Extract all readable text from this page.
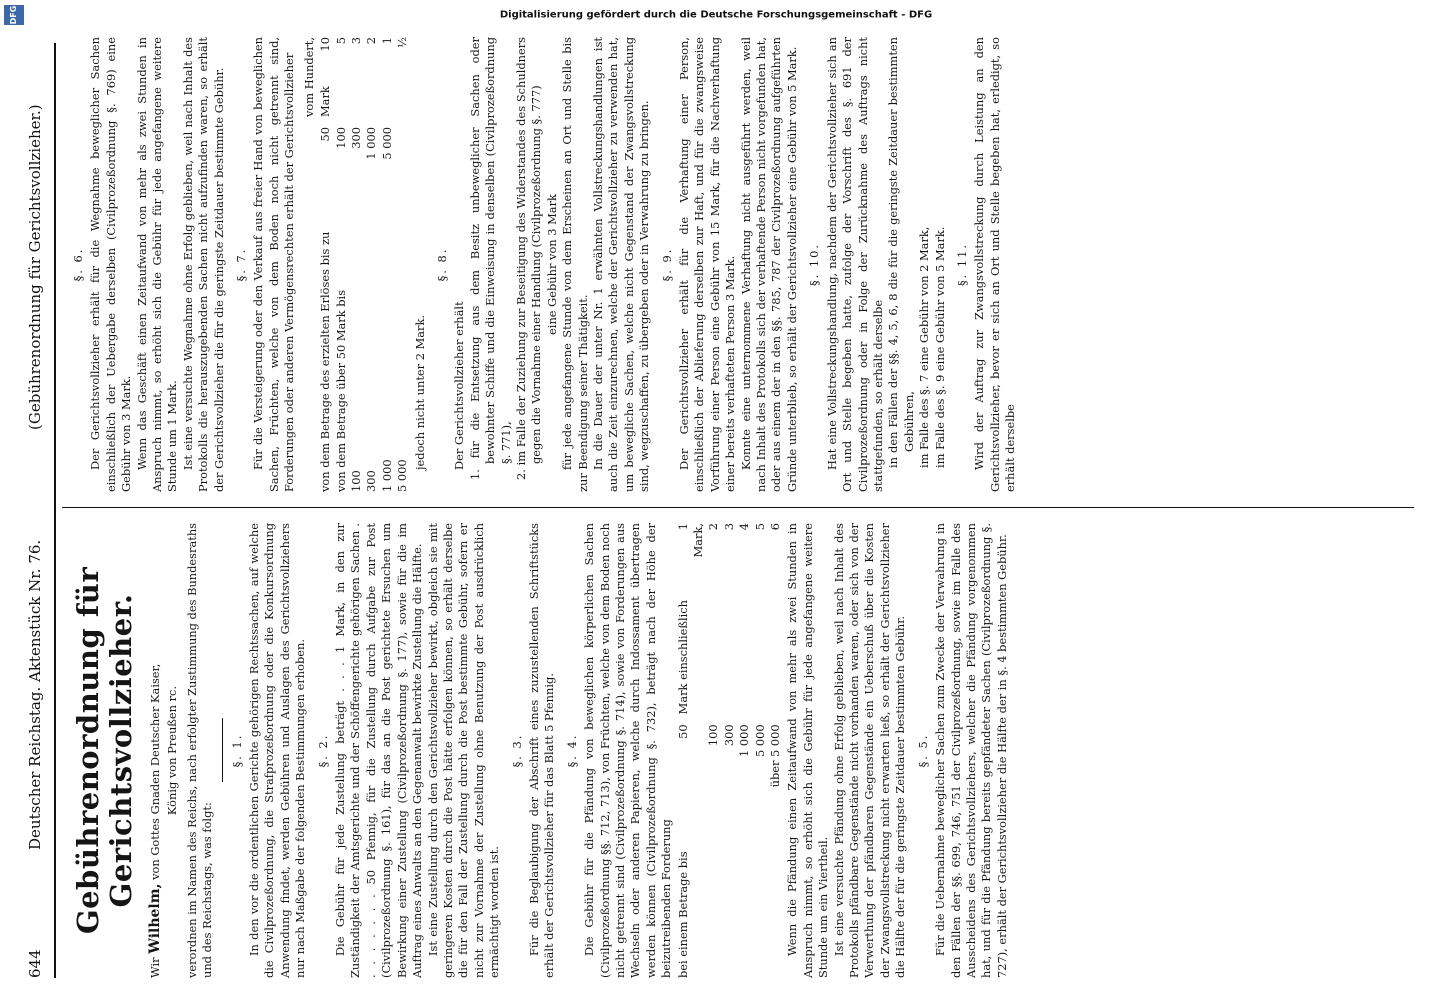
644
Deutscher Reichstag.
Aktenstück Nr. 76.
(Gebührenordnung für Gerichtsvollzieher.)
Gebührenordnung für Gerichtsvollzieher.

Wir Wilhelm, von Gottes Gnaden Deutscher Kaiser, König von Preußen rc. verordnen im Namen des Reichs, nach erfolgter Zustimmung des Bundesraths und des Reichstags, was folgt:

§. 1. In den vor die ordentlichen Gerichte gehörigen Rechtssachen, auf welche die Civilprozeßordnung, die Strafprozeßordnung oder die Konkursordnung Anwendung findet, werden Gebühren und Auslagen des Gerichtsvollziehers nur nach Maßgabe der folgenden Bestimmungen erhoben. §. 2. Die Gebühr für jede Zustellung beträgt . . . 1 Mark, in den zur Zuständigkeit der Amtsgerichte und der Schöffengerichte gehörigen Sachen . . . . . . . . 50 Pfennig, für die Zustellung durch Aufgabe zur Post (Civilprozeßordnung §. 161), für das an die Post gerichtete Ersuchen um Bewirkung einer Zustellung (Civilprozeßordnung §. 177), sowie für die im Auftrag eines Anwalts an den Gegenanwalt bewirkte Zustellung die Hälfte. Ist eine Zustellung durch den Gerichtsvollzieher bewirkt, obgleich sie mit geringeren Kosten durch die Post hätte erfolgen können, so erhält derselbe die für den Fall der Zustellung durch die Post bestimmte Gebühr, sofern er nicht zur Vornahme der Zustellung ohne Benutzung der Post ausdrücklich ermächtigt worden ist.

§. 3. Für die Beglaubigung der Abschrift eines zuzustellenden Schriftstücks erhält der Gerichtsvollzieher für das Blatt 5 Pfennig. §. 4. Die Gebühr für die Pfändung von beweglichen körperlichen Sachen (Civilprozeßordnung §§. 712, 713), von Früchten, welche von dem Boden noch nicht getrennt sind (Civilprozeßordnung §. 714), sowie von Forderungen aus Wechseln oder anderen Papieren, welche durch Indossament übertragen werden können (Civilprozeßordnung §. 732), beträgt nach der Höhe der beizutreibenden Forderung bei einem Betrage bis	50	Mark einschließlich	1 Mark,
	100		2
	300		3
	1 000		4
	5 000		5
	über 5 000		6 Wenn die Pfändung einen Zeitaufwand von mehr als zwei Stunden in Anspruch nimmt, so erhöht sich die Gebühr für jede angefangene weitere Stunde um ein Viertheil. Ist eine versuchte Pfändung ohne Erfolg geblieben, weil nach Inhalt des Protokolls pfändbare Gegenstände nicht vorhanden waren, oder sich von der Verwerthung der pfändbaren Gegenstände ein Ueberschuß über die Kosten der Zwangsvollstreckung nicht erwarten ließ, so erhält der Gerichtsvollzieher die Hälfte der für die geringste Zeitdauer bestimmten Gebühr. §. 5. Für die Uebernahme beweglicher Sachen zum Zwecke der Verwahrung in den Fällen der §§. 699, 746, 751 der Civilprozeßordnung, sowie im Falle des Ausscheidens des Gerichtsvollziehers, welcher die Pfändung vorgenommen hat, und für die Pfändung bereits gepfändeter Sachen (Civilprozeßordnung §. 727), erhält der Gerichtsvollzieher die Hälfte der in §. 4 bestimmten Gebühr.

§. 6. Der Gerichtsvollzieher erhält für die Wegnahme beweglicher Sachen einschließlich der Uebergabe derselben (Civilprozeßordnung §. 769) eine Gebühr von 3 Mark. Wenn das Geschäft einen Zeitaufwand von mehr als zwei Stunden in Anspruch nimmt, so erhöht sich die Gebühr für jede angefangene weitere Stunde um 1 Mark. Ist eine versuchte Wegnahme ohne Erfolg geblieben, weil nach Inhalt des Protokolls die herauszugebenden Sachen nicht aufzufinden waren, so erhält der Gerichtsvollzieher die für die geringste Zeitdauer bestimmte Gebühr. §. 7. Für die Versteigerung oder den Verkauf aus freier Hand von beweglichen Sachen, Früchten, welche von dem Boden noch nicht getrennt sind, Forderungen oder anderen Vermögensrechten erhält der Gerichtsvollzieher vom Hundert,

von dem Betrage des erzielten Erlöses bis zu	50	Mark	10
von dem Betrage über 50 Mark bis	100		5
100	300		3
300	1 000		2
1 000	5 000		1
5 000			½

jedoch nicht unter 2 Mark.

§. 8.

Der Gerichtsvollzieher erhält 1. für die Entsetzung aus dem Besitz unbeweglicher Sachen oder bewohnter Schiffe und die Einweisung in denselben (Civilprozeßordnung §. 771), 2. im Falle der Zuziehung zur Beseitigung des Widerstandes des Schuldners gegen die Vornahme einer Handlung (Civilprozeßordnung §. 777) eine Gebühr von 3 Mark für jede angefangene Stunde von dem Erscheinen an Ort und Stelle bis zur Beendigung seiner Thätigkeit. In die Dauer der unter Nr. 1 erwähnten Vollstreckungshandlungen ist auch die Zeit einzurechnen, welche der Gerichtsvollzieher zu verwenden hat, um bewegliche Sachen, welche nicht Gegenstand der Zwangsvollstreckung sind, wegzuschaffen, zu übergeben oder in Verwahrung zu bringen. §. 9. Der Gerichtsvollzieher erhält für die Verhaftung einer Person, einschließlich der Ablieferung derselben zur Haft, und für die zwangsweise Vorführung einer Person eine Gebühr von 15 Mark, für die Nachverhaftung einer bereits verhafteten Person 3 Mark. Konnte eine unternommene Verhaftung nicht ausgeführt werden, weil nach Inhalt des Protokolls sich der verhaftende Person nicht vorgefunden hat, oder aus einem der in den §§. 785, 787 der Civilprozeßordnung aufgeführten Gründe unterblieb, so erhält der Gerichtsvollzieher eine Gebühr von 5 Mark. §. 10. Hat eine Vollstreckungshandlung, nachdem der Gerichtsvollzieher sich an Ort und Stelle begeben hatte, zufolge der Vorschrift des §. 691 der Civilprozeßordnung oder in Folge der Zurücknahme des Auftrags nicht stattgefunden, so erhält derselbe in den Fällen der §§. 4, 5, 6, 8 die für die geringste Zeitdauer bestimmten Gebühren, im Falle des §. 7 eine Gebühr von 2 Mark, im Falle des §. 9 eine Gebühr von 5 Mark. §. 11. Wird der Auftrag zur Zwangsvollstreckung durch Leistung an den Gerichtsvollzieher, bevor er sich an Ort und Stelle begeben hat, erledigt, so erhält derselbe

DFG	Digitalisierung gefördert durch die Deutsche Forschungsgemeinschaft - DFG
